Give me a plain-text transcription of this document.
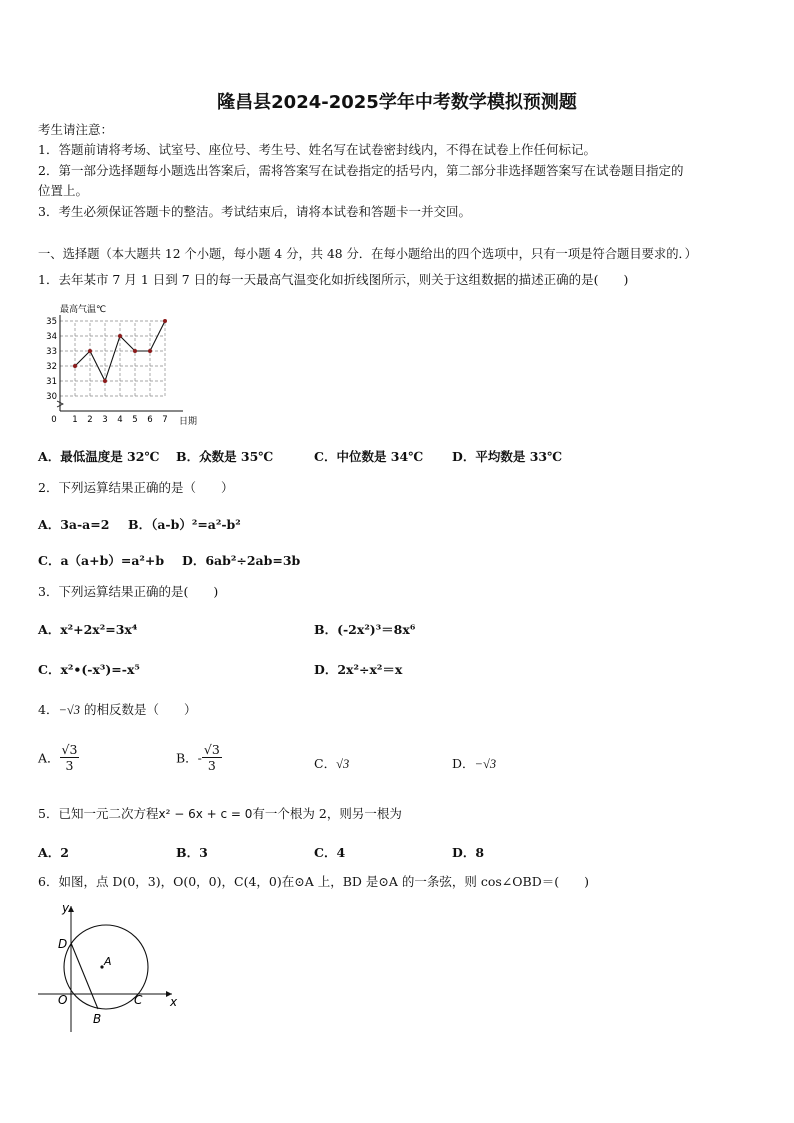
隆昌县2024-2025学年中考数学模拟预测题
考生请注意：
1．答题前请将考场、试室号、座位号、考生号、姓名写在试卷密封线内，不得在试卷上作任何标记。
2．第一部分选择题每小题选出答案后，需将答案写在试卷指定的括号内，第二部分非选择题答案写在试卷题目指定的
位置上。
3．考生必须保证答题卡的整洁。考试结束后，请将本试卷和答题卡一并交回。
一、选择题（本大题共 12 个小题，每小题 4 分，共 48 分．在每小题给出的四个选项中，只有一项是符合题目要求的．）
1．去年某市 7 月 1 日到 7 日的每一天最高气温变化如折线图所示，则关于这组数据的描述正确的是(　　)
最高气温℃
30
31
32
33
34
35
0 1 2 3 4 5 6 7 日期
A．最低温度是 32℃ B．众数是 35℃	C．中位数是 34℃ D．平均数是 33℃
2．下列运算结果正确的是（　　）
A．3a-a=2 B．（a-b）²=a²-b²
C．a（a+b）=a²+b D．6ab²÷2ab=3b
3．下列运算结果正确的是(　　)
A．x²+2x²=3x⁴	B．(-2x²)³＝8x⁶
C．x²•(-x³)=-x⁵	D．2x²÷x²＝x
4．−√3 的相反数是（　　）
A． $\frac{√3}{3}$	B．- $\frac{√3}{3}$	C．√3	D．−√3
5．已知一元二次方程x² − 6x + c = 0有一个根为 2，则另一根为
A．2	B．3	C．4	D．8
6．如图，点 D(0，3)，O(0，0)，C(4，0)在⊙A 上，BD 是⊙A 的一条弦，则 cos∠OBD＝(　　)
y
x
D
A
O	C
B
